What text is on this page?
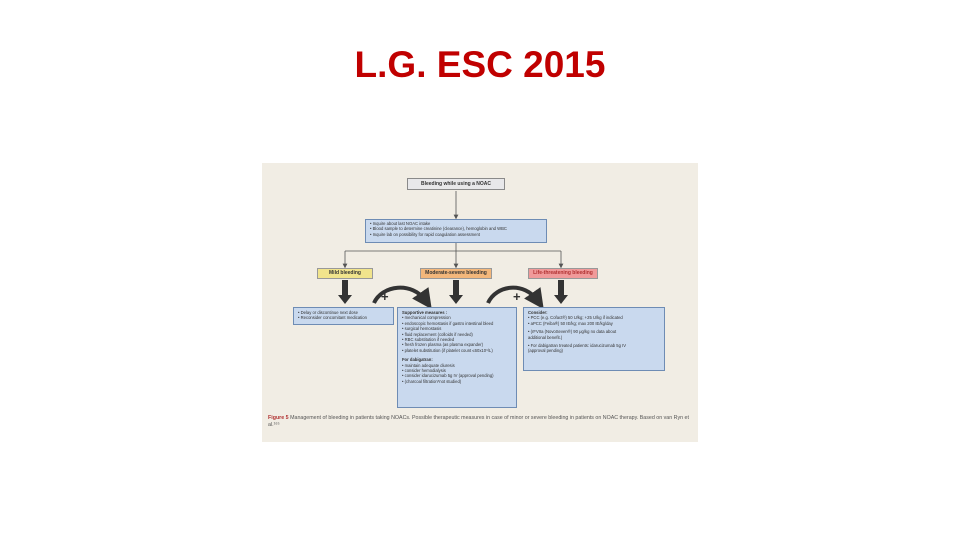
L.G. ESC 2015
Bleeding while using a NOAC
• Inquire about last NOAC intake
• Blood sample to determine creatinine (clearance), hemoglobin and WBC
• Inquire lab on possibility for rapid coagulation assessment
Mild bleeding	Moderate-severe bleeding	Life-threatening bleeding
+	+
• Delay or discontinue next dose
• Reconsider concomitant medication
Supportive measures :
• mechanical compression
• endoscopic hemostasis if gastro intestinal bleed
• surgical hemostasis
• fluid replacement (colloids if needed)
• RBC substitution if needed
• fresh frozen plasma (as plasma expander)
• platelet substitution (if platelet count ≤60x10⁹/L)
For dabigatran:
• maintain adequate diuresis
• consider hemodialysis
• consider idarucizumab 5g IV (approval pending)
• (charcoal filtration*not studied)
Consider:
• PCC (e.g. Cofact®) 50 U/kg; +25 U/kg if indicated
• aPCC (Feiba®) 50 IE/kg; max 200 IE/kg/day
• (rFVIIa (NovoSeven®) 90 μg/kg no data about
additional benefit.)
• For dabigatran treated patients: idarucizumab 5g IV
(approval pending)
Figure 5 Management of bleeding in patients taking NOACs. Possible therapeutic measures in case of minor or severe bleeding in patients on NOAC therapy. Based on van Ryn et al.¹⁶⁵
